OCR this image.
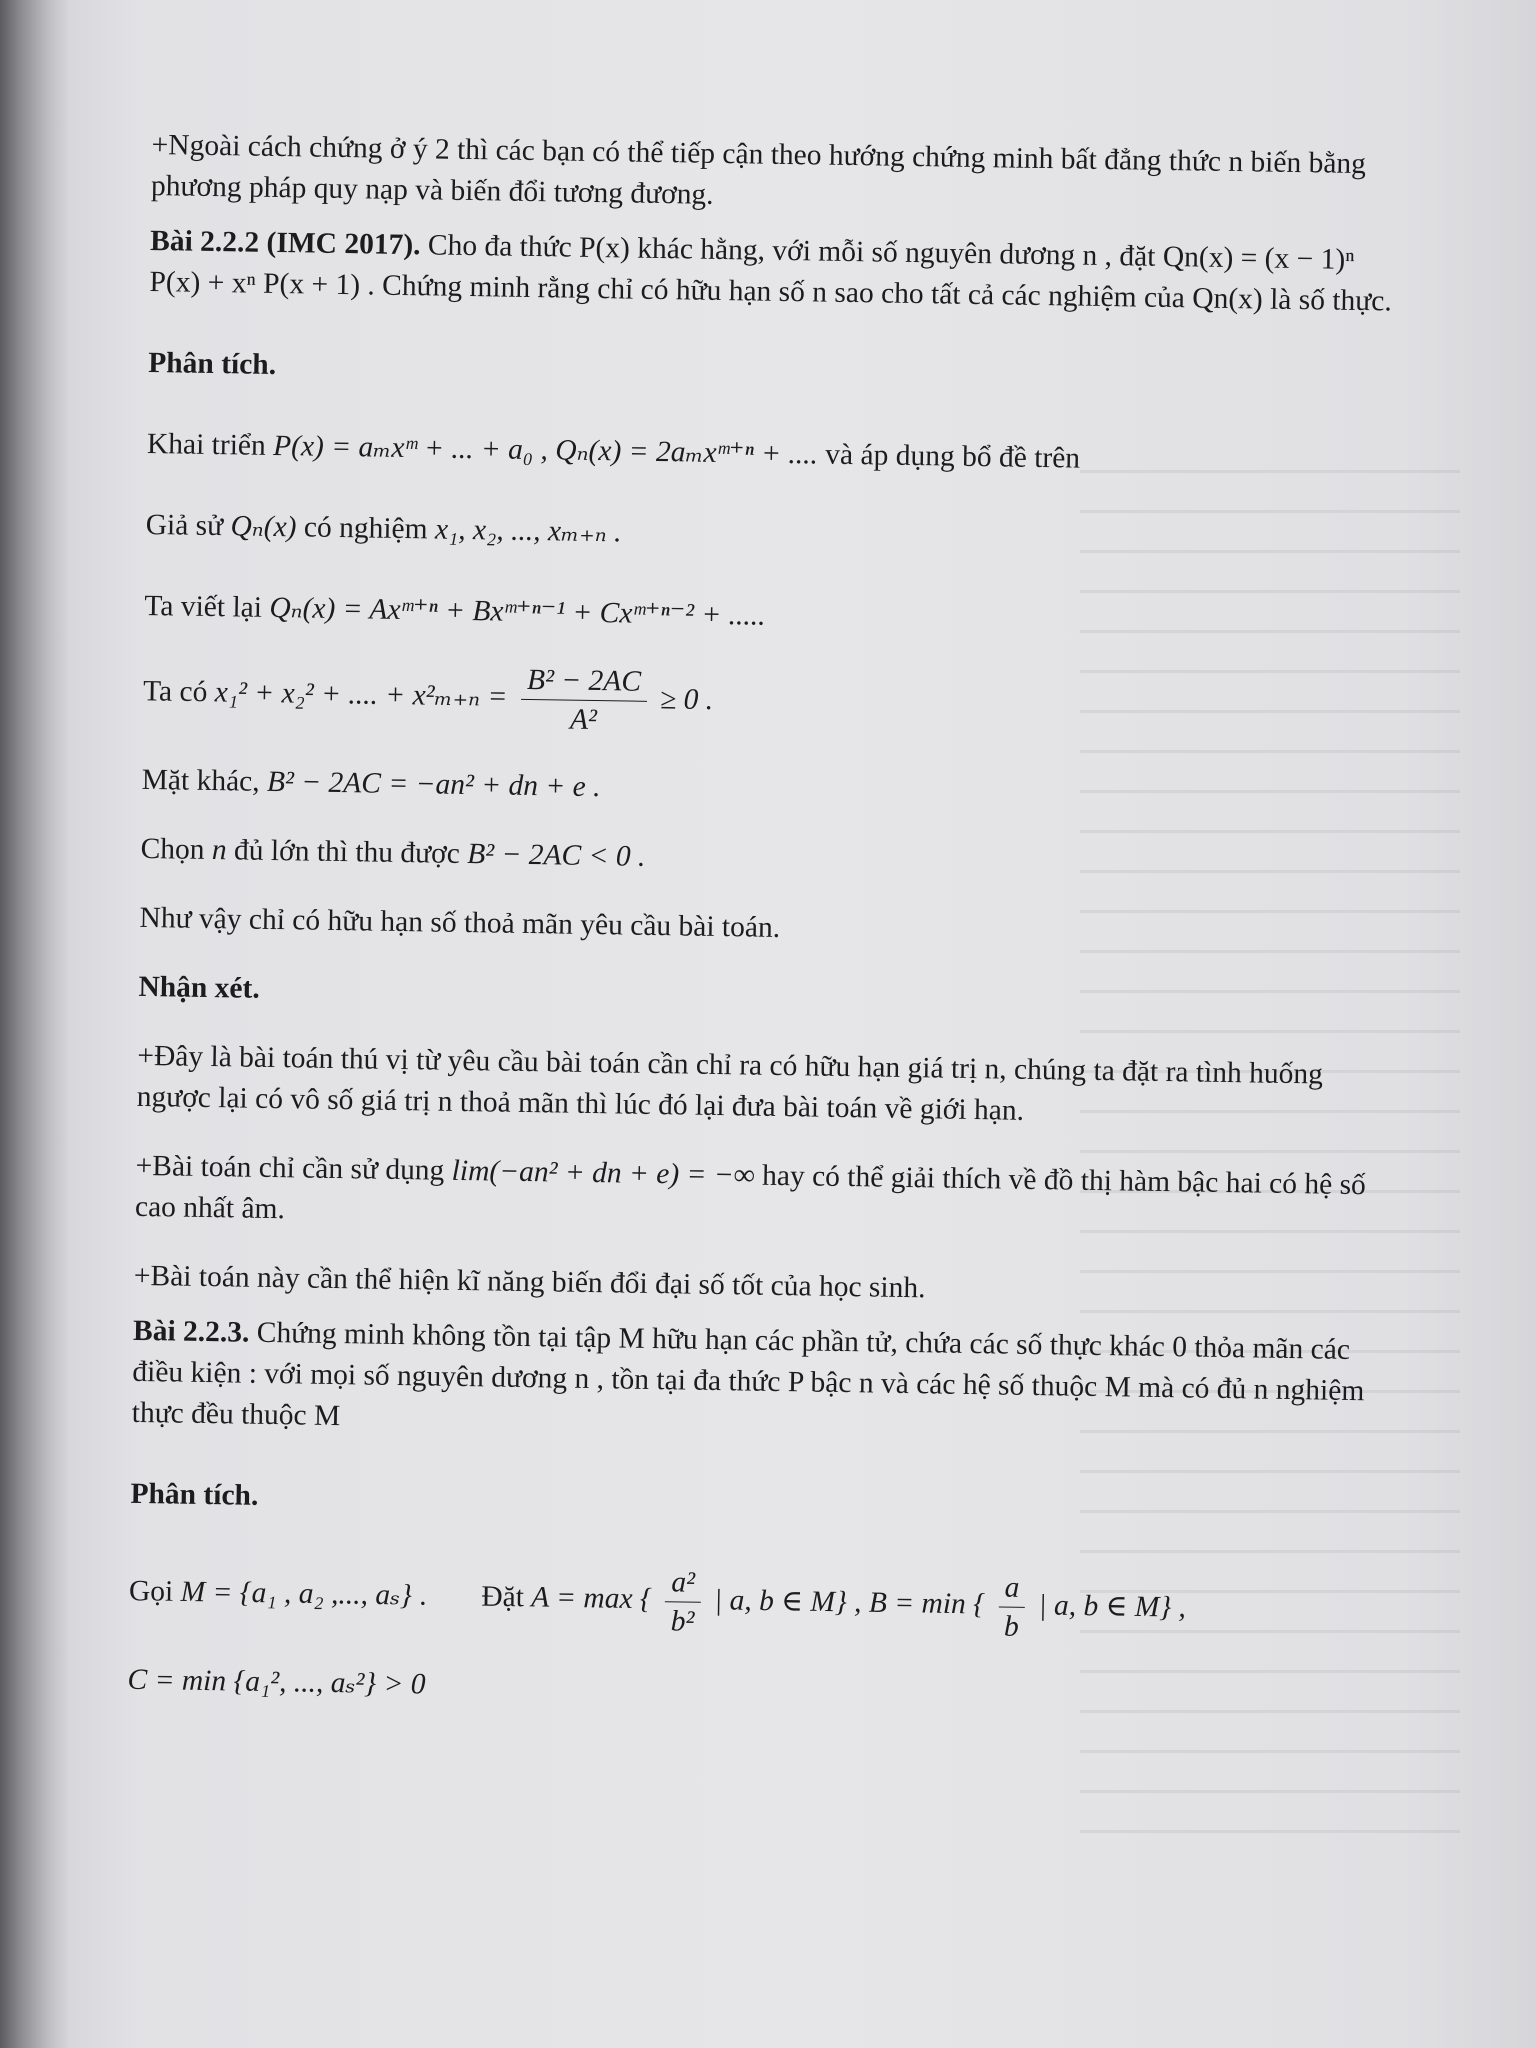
+Ngoài cách chứng ở ý 2 thì các bạn có thể tiếp cận theo hướng chứng minh bất đẳng thức n biến bằng phương pháp quy nạp và biến đổi tương đương.

Bài 2.2.2 (IMC 2017). Cho đa thức P(x) khác hằng, với mỗi số nguyên dương n , đặt Qn(x) = (x − 1)ⁿ P(x) + xⁿ P(x + 1) . Chứng minh rằng chỉ có hữu hạn số n sao cho tất cả các nghiệm của Qn(x) là số thực.

Phân tích.

Khai triển P(x) = aₘxᵐ + ... + a₀ , Qₙ(x) = 2aₘxᵐ⁺ⁿ + .... và áp dụng bổ đề trên

Giả sử Qₙ(x) có nghiệm x₁, x₂, ..., xₘ₊ₙ .

Ta viết lại Qₙ(x) = Axᵐ⁺ⁿ + Bxᵐ⁺ⁿ⁻¹ + Cxᵐ⁺ⁿ⁻² + .....

Ta có x₁² + x₂² + .... + $x^2_{m+n} = \frac{\text{B² − 2AC}}{\text{A²}} \ge 0$ .

Mặt khác, B² − 2AC = −an² + dn + e .

Chọn n đủ lớn thì thu được B² − 2AC < 0 .

Như vậy chỉ có hữu hạn số thoả mãn yêu cầu bài toán.

Nhận xét.

+Đây là bài toán thú vị từ yêu cầu bài toán cần chỉ ra có hữu hạn giá trị n, chúng ta đặt ra tình huống ngược lại có vô số giá trị n thoả mãn thì lúc đó lại đưa bài toán về giới hạn.

+Bài toán chỉ cần sử dụng lim(−an² + dn + e) = −∞ hay có thể giải thích về đồ thị hàm bậc hai có hệ số cao nhất âm.

+Bài toán này cần thể hiện kĩ năng biến đổi đại số tốt của học sinh.

Bài 2.2.3. Chứng minh không tồn tại tập M hữu hạn các phần tử, chứa các số thực khác 0 thỏa mãn các điều kiện : với mọi số nguyên dương n , tồn tại đa thức P bậc n và các hệ số thuộc M mà có đủ n nghiệm thực đều thuộc M

Phân tích.

Gọi M = {a₁ , a₂ ,..., aₛ} . Đặt A = max { $\frac{\text{a²}}{\text{b²}}$ | a, b ∈ M} , B = min { $\frac{a}{b}$ | a, b ∈ M} ,

C = min {a₁², ..., aₛ²} > 0
